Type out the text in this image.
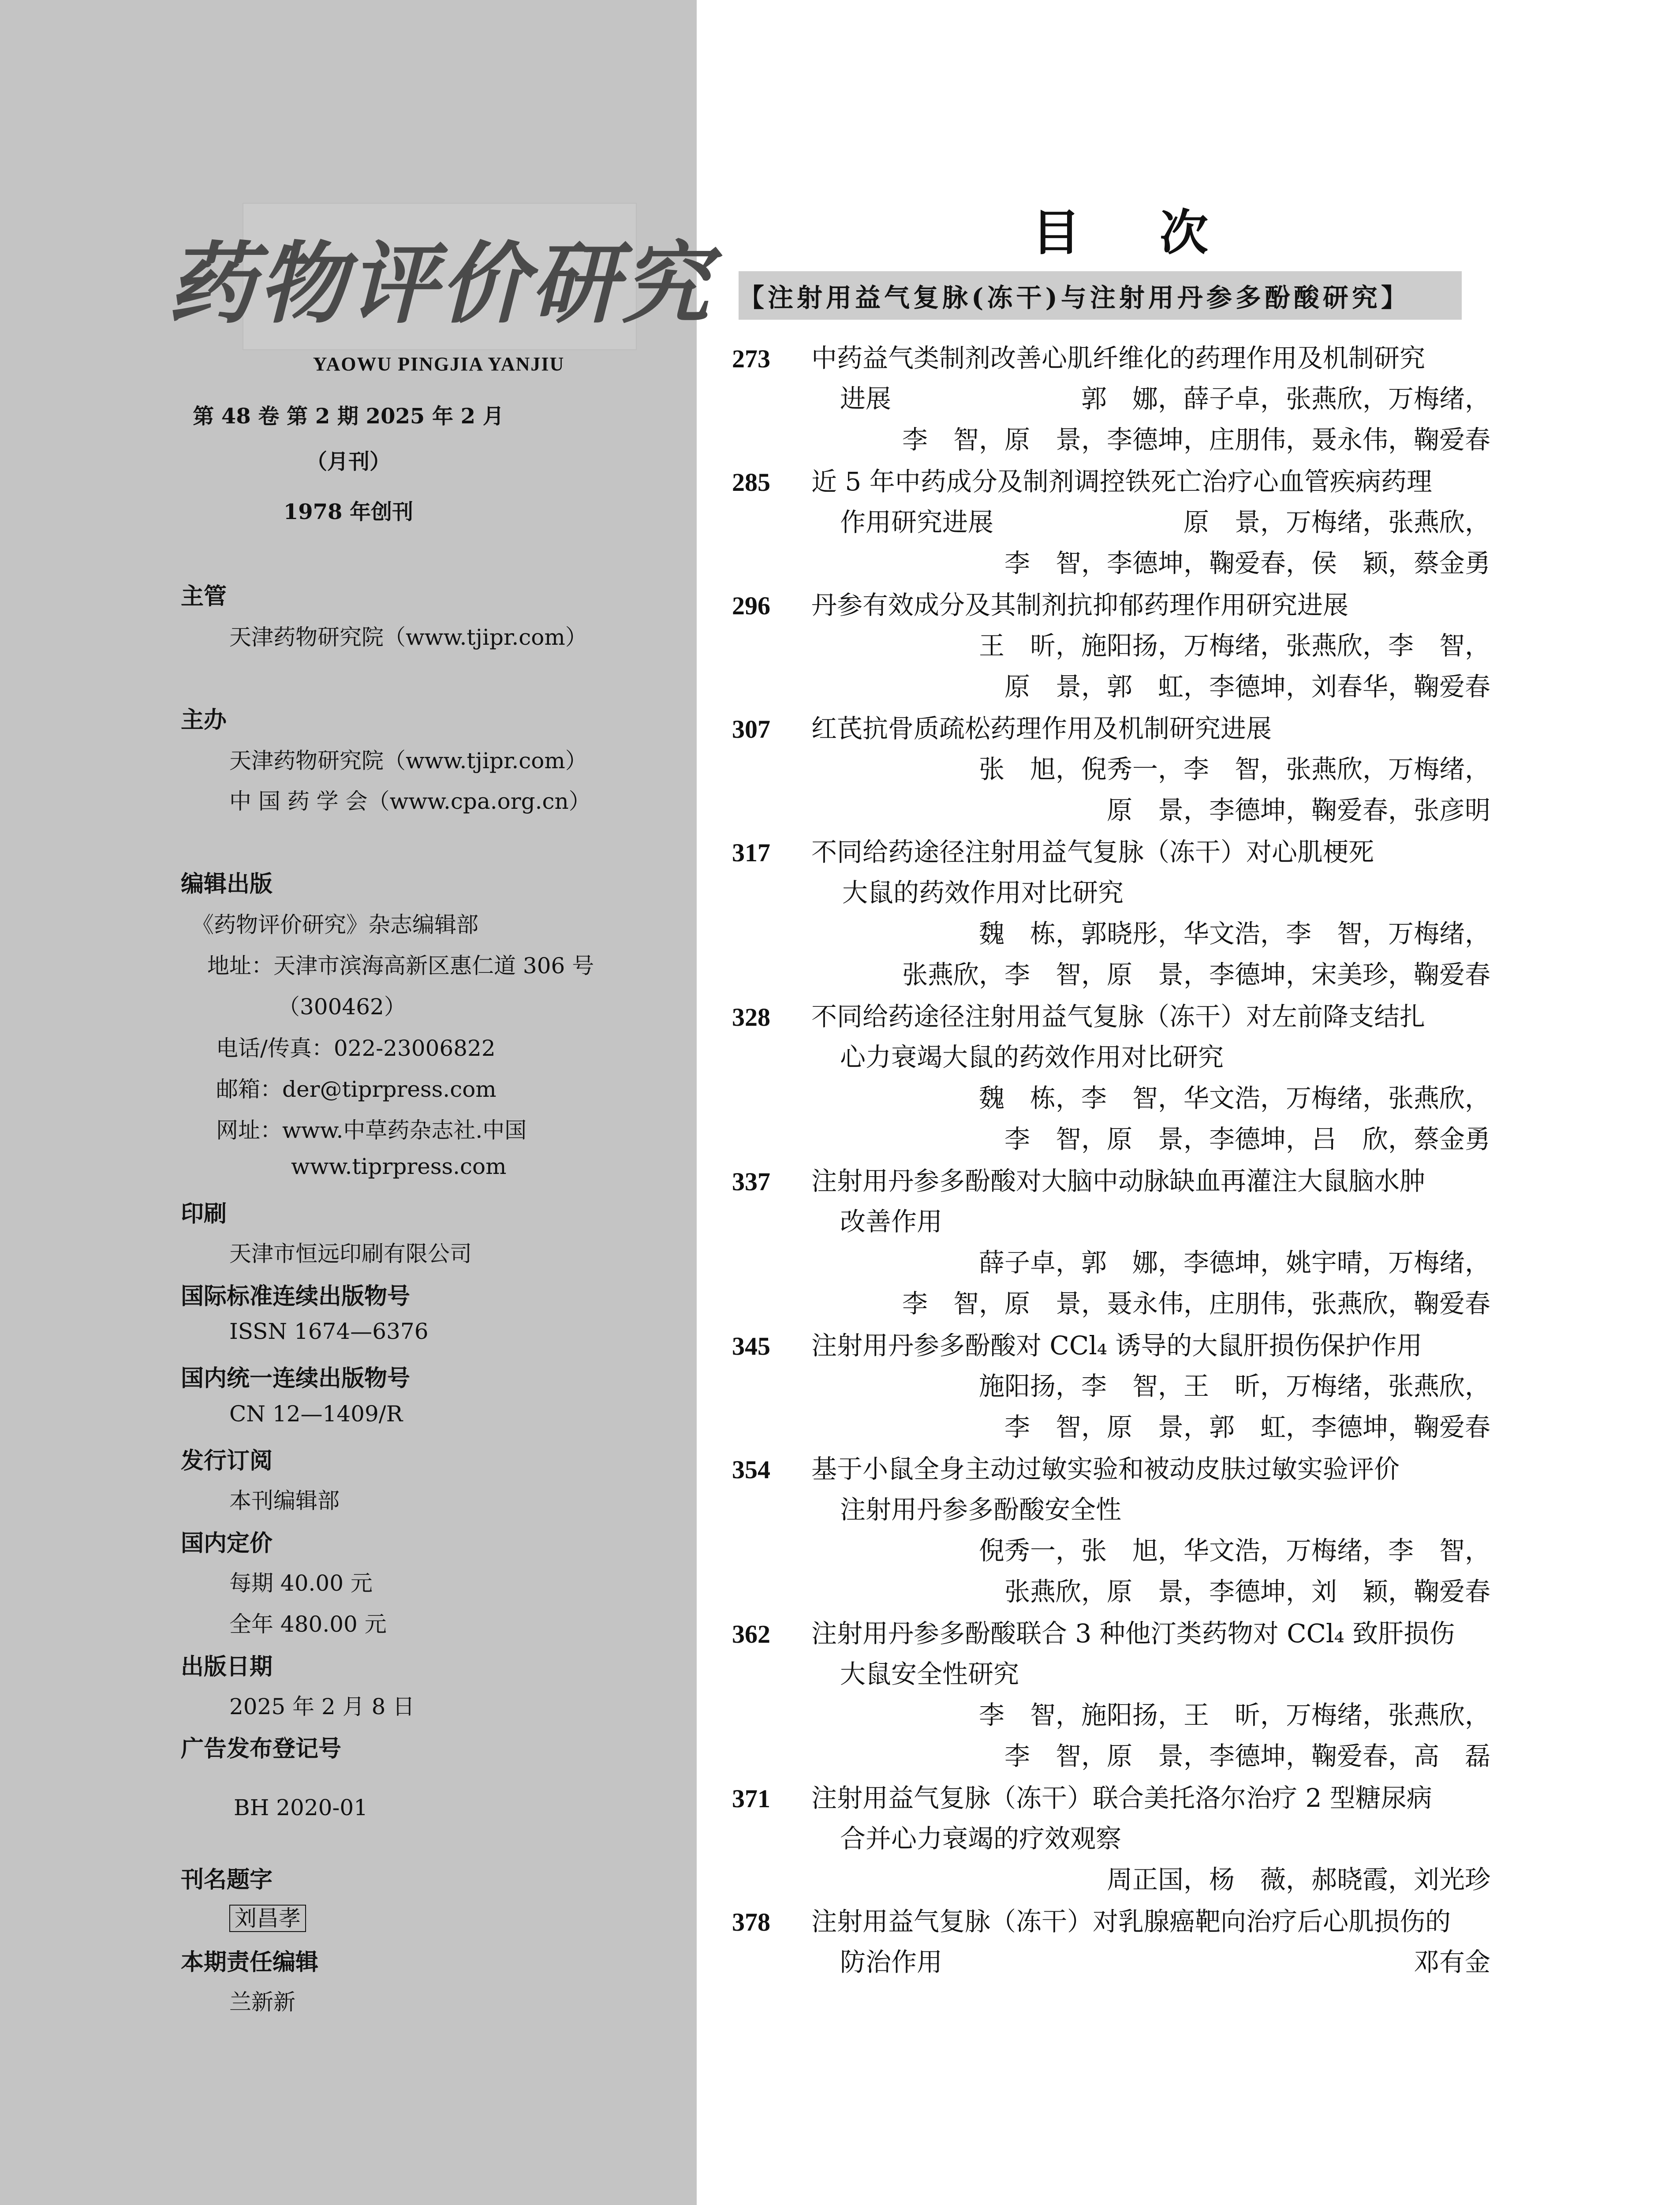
药物评价研究
YAOWU PINGJIA YANJIU
第 48 卷 第 2 期 2025 年 2 月
（月刊）
1978 年创刊
主管
天津药物研究院（www.tjipr.com）
主办
天津药物研究院（www.tjipr.com）
中 国 药 学 会（www.cpa.org.cn）
编辑出版
《药物评价研究》杂志编辑部
地址：天津市滨海高新区惠仁道 306 号
（300462）
电话/传真：022-23006822
邮箱：der@tiprpress.com
网址：www.中草药杂志社.中国
www.tiprpress.com
印刷
天津市恒远印刷有限公司
国际标准连续出版物号
ISSN 1674—6376
国内统一连续出版物号
CN 12—1409/R
发行订阅
本刊编辑部
国内定价
每期 40.00 元
全年 480.00 元
出版日期
2025 年 2 月 8 日
广告发布登记号
BH 2020-01
刊名题字
刘昌孝
本期责任编辑
兰新新
目次
【注射用益气复脉(冻干)与注射用丹参多酚酸研究】
273 中药益气类制剂改善心肌纤维化的药理作用及机制研究
进展	郭　娜，薛子卓，张燕欣，万梅绪，
李　智，原　景，李德坤，庄朋伟，聂永伟，鞠爱春
285 近 5 年中药成分及制剂调控铁死亡治疗心血管疾病药理
作用研究进展	原　景，万梅绪，张燕欣，
李　智，李德坤，鞠爱春，侯　颖，蔡金勇
296 丹参有效成分及其制剂抗抑郁药理作用研究进展
王　昕，施阳扬，万梅绪，张燕欣，李　智，
原　景，郭　虹，李德坤，刘春华，鞠爱春
307 红芪抗骨质疏松药理作用及机制研究进展
张　旭，倪秀一，李　智，张燕欣，万梅绪，
原　景，李德坤，鞠爱春，张彦明
317 不同给药途径注射用益气复脉（冻干）对心肌梗死
大鼠的药效作用对比研究
魏　栋，郭晓彤，华文浩，李　智，万梅绪，
张燕欣，李　智，原　景，李德坤，宋美珍，鞠爱春
328 不同给药途径注射用益气复脉（冻干）对左前降支结扎
心力衰竭大鼠的药效作用对比研究
魏　栋，李　智，华文浩，万梅绪，张燕欣，
李　智，原　景，李德坤，吕　欣，蔡金勇
337 注射用丹参多酚酸对大脑中动脉缺血再灌注大鼠脑水肿
改善作用
薛子卓，郭　娜，李德坤，姚宇晴，万梅绪，
李　智，原　景，聂永伟，庄朋伟，张燕欣，鞠爱春
345 注射用丹参多酚酸对 CCl₄ 诱导的大鼠肝损伤保护作用
施阳扬，李　智，王　昕，万梅绪，张燕欣，
李　智，原　景，郭　虹，李德坤，鞠爱春
354 基于小鼠全身主动过敏实验和被动皮肤过敏实验评价
注射用丹参多酚酸安全性
倪秀一，张　旭，华文浩，万梅绪，李　智，
张燕欣，原　景，李德坤，刘　颖，鞠爱春
362 注射用丹参多酚酸联合 3 种他汀类药物对 CCl₄ 致肝损伤
大鼠安全性研究
李　智，施阳扬，王　昕，万梅绪，张燕欣，
李　智，原　景，李德坤，鞠爱春，高　磊
371 注射用益气复脉（冻干）联合美托洛尔治疗 2 型糖尿病
合并心力衰竭的疗效观察
周正国，杨　薇，郝晓霞，刘光珍
378 注射用益气复脉（冻干）对乳腺癌靶向治疗后心肌损伤的
防治作用	邓有金
